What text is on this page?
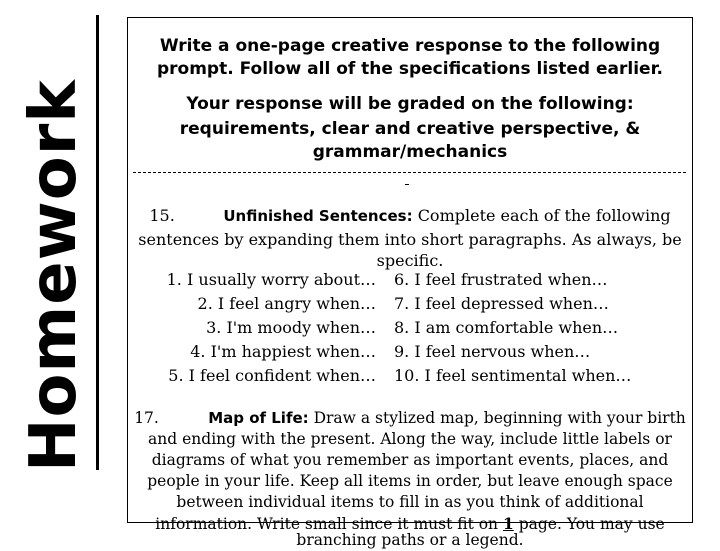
Homework
Write a one-page creative response to the following
prompt. Follow all of the specifications listed earlier.
Your response will be graded on the following:
requirements, clear and creative perspective, &
grammar/mechanics
15.	Unfinished Sentences: Complete each of the following
sentences by expanding them into short paragraphs. As always, be
specific.
1. I usually worry about…	6. I feel frustrated when…
2. I feel angry when…	7. I feel depressed when…
3. I'm moody when…	8. I am comfortable when…
4. I'm happiest when…	9. I feel nervous when…
5. I feel confident when…	10. I feel sentimental when…
17.	Map of Life: Draw a stylized map, beginning with your birth
and ending with the present. Along the way, include little labels or
diagrams of what you remember as important events, places, and
people in your life. Keep all items in order, but leave enough space
between individual items to fill in as you think of additional
information. Write small since it must fit on 1 page. You may use
branching paths or a legend.
